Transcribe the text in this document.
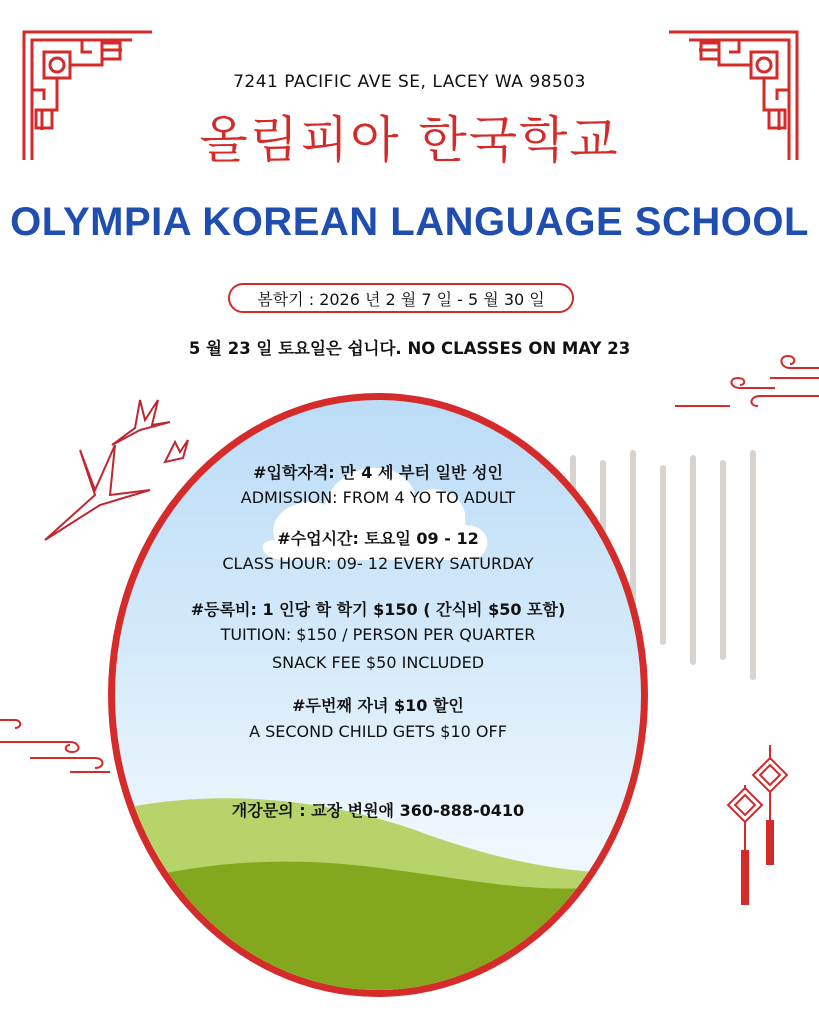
7241 PACIFIC AVE SE, LACEY WA 98503
올림피아 한국학교
OLYMPIA KOREAN LANGUAGE SCHOOL
봄학기 : 2026 년 2 월 7 일 - 5 월 30 일
5 월 23 일 토요일은 쉽니다. NO CLASSES ON MAY 23
#입학자격: 만 4 세 부터 일반 성인
ADMISSION: FROM 4 YO TO ADULT
#수업시간: 토요일 09 - 12
CLASS HOUR: 09- 12 EVERY SATURDAY
#등록비: 1 인당 학 학기 $150 ( 간식비 $50 포함)
TUITION: $150 / PERSON PER QUARTER
SNACK FEE $50 INCLUDED
#두번째 자녀 $10 할인
A SECOND CHILD GETS $10 OFF
개강문의 : 교장 변원애 360-888-0410
